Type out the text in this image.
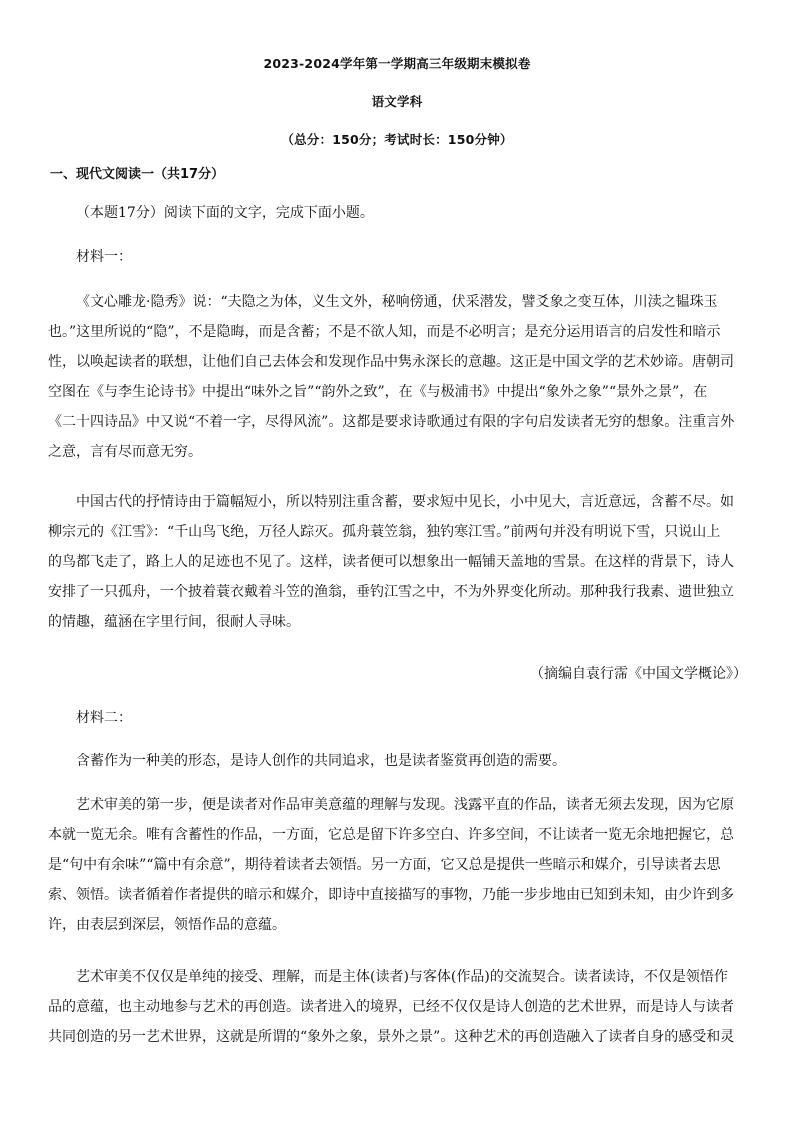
2023-2024学年第一学期高三年级期末模拟卷
语文学科
（总分：150分；考试时长：150分钟）
一、现代文阅读一（共17分）
（本题17分）阅读下面的文字，完成下面小题。
材料一：
《文心雕龙·隐秀》说：“夫隐之为体，义生文外，秘响傍通，伏采潜发，譬爻象之变互体，川渎之韫珠玉
也。”这里所说的“隐”，不是隐晦，而是含蓄；不是不欲人知，而是不必明言；是充分运用语言的启发性和暗示
性，以唤起读者的联想，让他们自己去体会和发现作品中隽永深长的意趣。这正是中国文学的艺术妙谛。唐朝司
空图在《与李生论诗书》中提出“味外之旨”“韵外之致”，在《与极浦书》中提出“象外之象”“景外之景”，在
《二十四诗品》中又说“不着一字，尽得风流”。这都是要求诗歌通过有限的字句启发读者无穷的想象。注重言外
之意，言有尽而意无穷。
中国古代的抒情诗由于篇幅短小，所以特别注重含蓄，要求短中见长，小中见大，言近意远，含蓄不尽。如
柳宗元的《江雪》：“千山鸟飞绝，万径人踪灭。孤舟蓑笠翁，独钓寒江雪。”前两句并没有明说下雪，只说山上
的鸟都飞走了，路上人的足迹也不见了。这样，读者便可以想象出一幅铺天盖地的雪景。在这样的背景下，诗人
安排了一只孤舟，一个披着蓑衣戴着斗笠的渔翁，垂钓江雪之中，不为外界变化所动。那种我行我素、遗世独立
的情趣，蕴涵在字里行间，很耐人寻味。
（摘编自袁行霈《中国文学概论》）
材料二：
含蓄作为一种美的形态，是诗人创作的共同追求，也是读者鉴赏再创造的需要。
艺术审美的第一步，便是读者对作品审美意蕴的理解与发现。浅露平直的作品，读者无须去发现，因为它原
本就一览无余。唯有含蓄性的作品，一方面，它总是留下许多空白、许多空间，不让读者一览无余地把握它，总
是“句中有余味”“篇中有余意”，期待着读者去领悟。另一方面，它又总是提供一些暗示和媒介，引导读者去思
索、领悟。读者循着作者提供的暗示和媒介，即诗中直接描写的事物，乃能一步步地由已知到未知，由少许到多
许，由表层到深层，领悟作品的意蕴。
艺术审美不仅仅是单纯的接受、理解，而是主体(读者)与客体(作品)的交流契合。读者读诗，不仅是领悟作
品的意蕴，也主动地参与艺术的再创造。读者进入的境界，已经不仅仅是诗人创造的艺术世界，而是诗人与读者
共同创造的另一艺术世界，这就是所谓的“象外之象，景外之景”。这种艺术的再创造融入了读者自身的感受和灵
